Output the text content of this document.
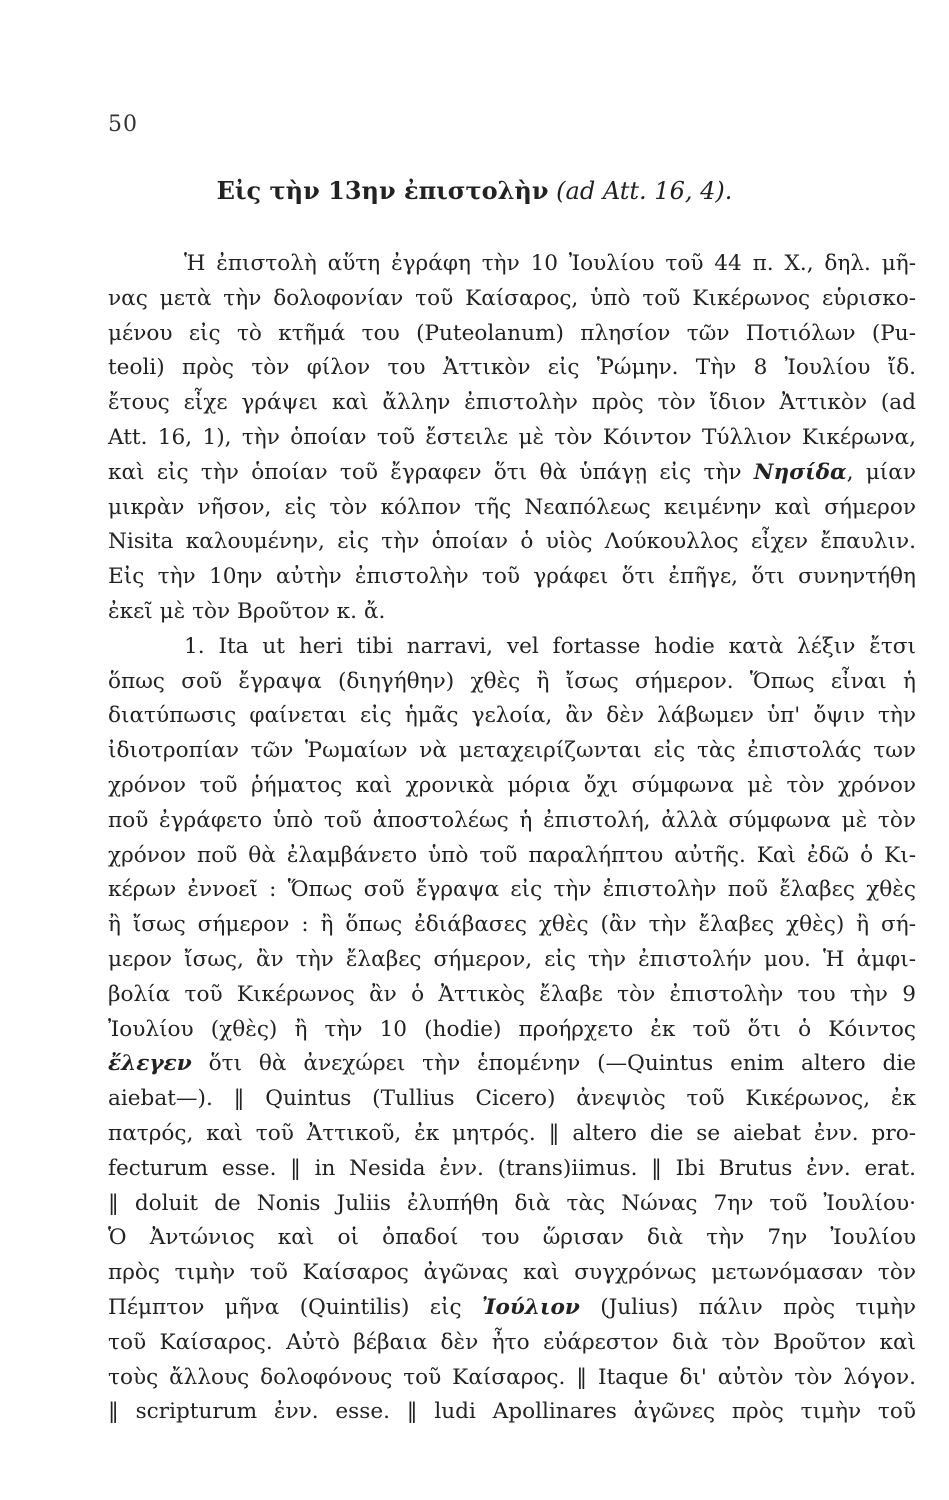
50
Εἰς τὴν 13ην ἐπιστολὴν (ad Att. 16, 4).
Ἡ ἐπιστολὴ αὕτη ἐγράφη τὴν 10 Ἰουλίου τοῦ 44 π. Χ., δηλ. μῆ-
νας μετὰ τὴν δολοφονίαν τοῦ Καίσαρος, ὑπὸ τοῦ Κικέρωνος εὑρισκο-
μένου εἰς τὸ κτῆμά του (Puteolanum) πλησίον τῶν Ποτιόλων (Pu-
teoli) πρὸς τὸν φίλον του Ἀττικὸν εἰς Ῥώμην. Τὴν 8 Ἰουλίου ἴδ.
ἔτους εἶχε γράψει καὶ ἄλλην ἐπιστολὴν πρὸς τὸν ἴδιον Ἀττικὸν (ad
Att. 16, 1), τὴν ὁποίαν τοῦ ἔστειλε μὲ τὸν Κόιντον Τύλλιον Κικέρωνα,
καὶ εἰς τὴν ὁποίαν τοῦ ἔγραφεν ὅτι θὰ ὑπάγῃ εἰς τὴν Νησίδα, μίαν
μικρὰν νῆσον, εἰς τὸν κόλπον τῆς Νεαπόλεως κειμένην καὶ σήμερον
Nisita καλουμένην, εἰς τὴν ὁποίαν ὁ υἱὸς Λούκουλλος εἶχεν ἔπαυλιν.
Εἰς τὴν 10ην αὐτὴν ἐπιστολὴν τοῦ γράφει ὅτι ἐπῆγε, ὅτι συνηντήθη
ἐκεῖ μὲ τὸν Βροῦτον κ. ἄ.
1. Ita ut heri tibi narravi, vel fortasse hodie κατὰ λέξιν ἔτσι
ὅπως σοῦ ἔγραψα (διηγήθην) χθὲς ἢ ἴσως σήμερον. Ὅπως εἶναι ἡ
διατύπωσις φαίνεται εἰς ἡμᾶς γελοία, ἂν δὲν λάβωμεν ὑπ' ὄψιν τὴν
ἰδιοτροπίαν τῶν Ῥωμαίων νὰ μεταχειρίζωνται εἰς τὰς ἐπιστολάς των
χρόνον τοῦ ῥήματος καὶ χρονικὰ μόρια ὄχι σύμφωνα μὲ τὸν χρόνον
ποῦ ἐγράφετο ὑπὸ τοῦ ἀποστολέως ἡ ἐπιστολή, ἀλλὰ σύμφωνα μὲ τὸν
χρόνον ποῦ θὰ ἐλαμβάνετο ὑπὸ τοῦ παραλήπτου αὐτῆς. Καὶ ἐδῶ ὁ Κι-
κέρων ἐννοεῖ : Ὅπως σοῦ ἔγραψα εἰς τὴν ἐπιστολὴν ποῦ ἔλαβες χθὲς
ἢ ἴσως σήμερον : ἢ ὅπως ἐδιάβασες χθὲς (ἂν τὴν ἔλαβες χθὲς) ἢ σή-
μερον ἴσως, ἂν τὴν ἔλαβες σήμερον, εἰς τὴν ἐπιστολήν μου. Ἡ ἀμφι-
βολία τοῦ Κικέρωνος ἂν ὁ Ἀττικὸς ἔλαβε τὸν ἐπιστολὴν του τὴν 9
Ἰουλίου (χθὲς) ἢ τὴν 10 (hodie) προήρχετο ἐκ τοῦ ὅτι ὁ Κόιντος
ἔλεγεν ὅτι θὰ ἀνεχώρει τὴν ἑπομένην (—Quintus enim altero die
aiebat—). ‖ Quintus (Tullius Cicero) ἀνεψιὸς τοῦ Κικέρωνος, ἐκ
πατρός, καὶ τοῦ Ἀττικοῦ, ἐκ μητρός. ‖ altero die se aiebat ἐνν. pro-
fecturum esse. ‖ in Nesida ἐνν. (trans)iimus. ‖ Ibi Brutus ἐνν. erat.
‖ doluit de Nonis Juliis ἐλυπήθη διὰ τὰς Νώνας 7ην τοῦ Ἰουλίου·
Ὁ Ἀντώνιος καὶ οἱ ὀπαδοί του ὥρισαν διὰ τὴν 7ην Ἰουλίου
πρὸς τιμὴν τοῦ Καίσαρος ἀγῶνας καὶ συγχρόνως μετωνόμασαν τὸν
Πέμπτον μῆνα (Quintilis) εἰς Ἰούλιον (Julius) πάλιν πρὸς τιμὴν
τοῦ Καίσαρος. Αὐτὸ βέβαια δὲν ἦτο εὐάρεστον διὰ τὸν Βροῦτον καὶ
τοὺς ἄλλους δολοφόνους τοῦ Καίσαρος. ‖ Itaque δι' αὐτὸν τὸν λόγον.
‖ scripturum ἐνν. esse. ‖ ludi Apollinares ἀγῶνες πρὸς τιμὴν τοῦ
